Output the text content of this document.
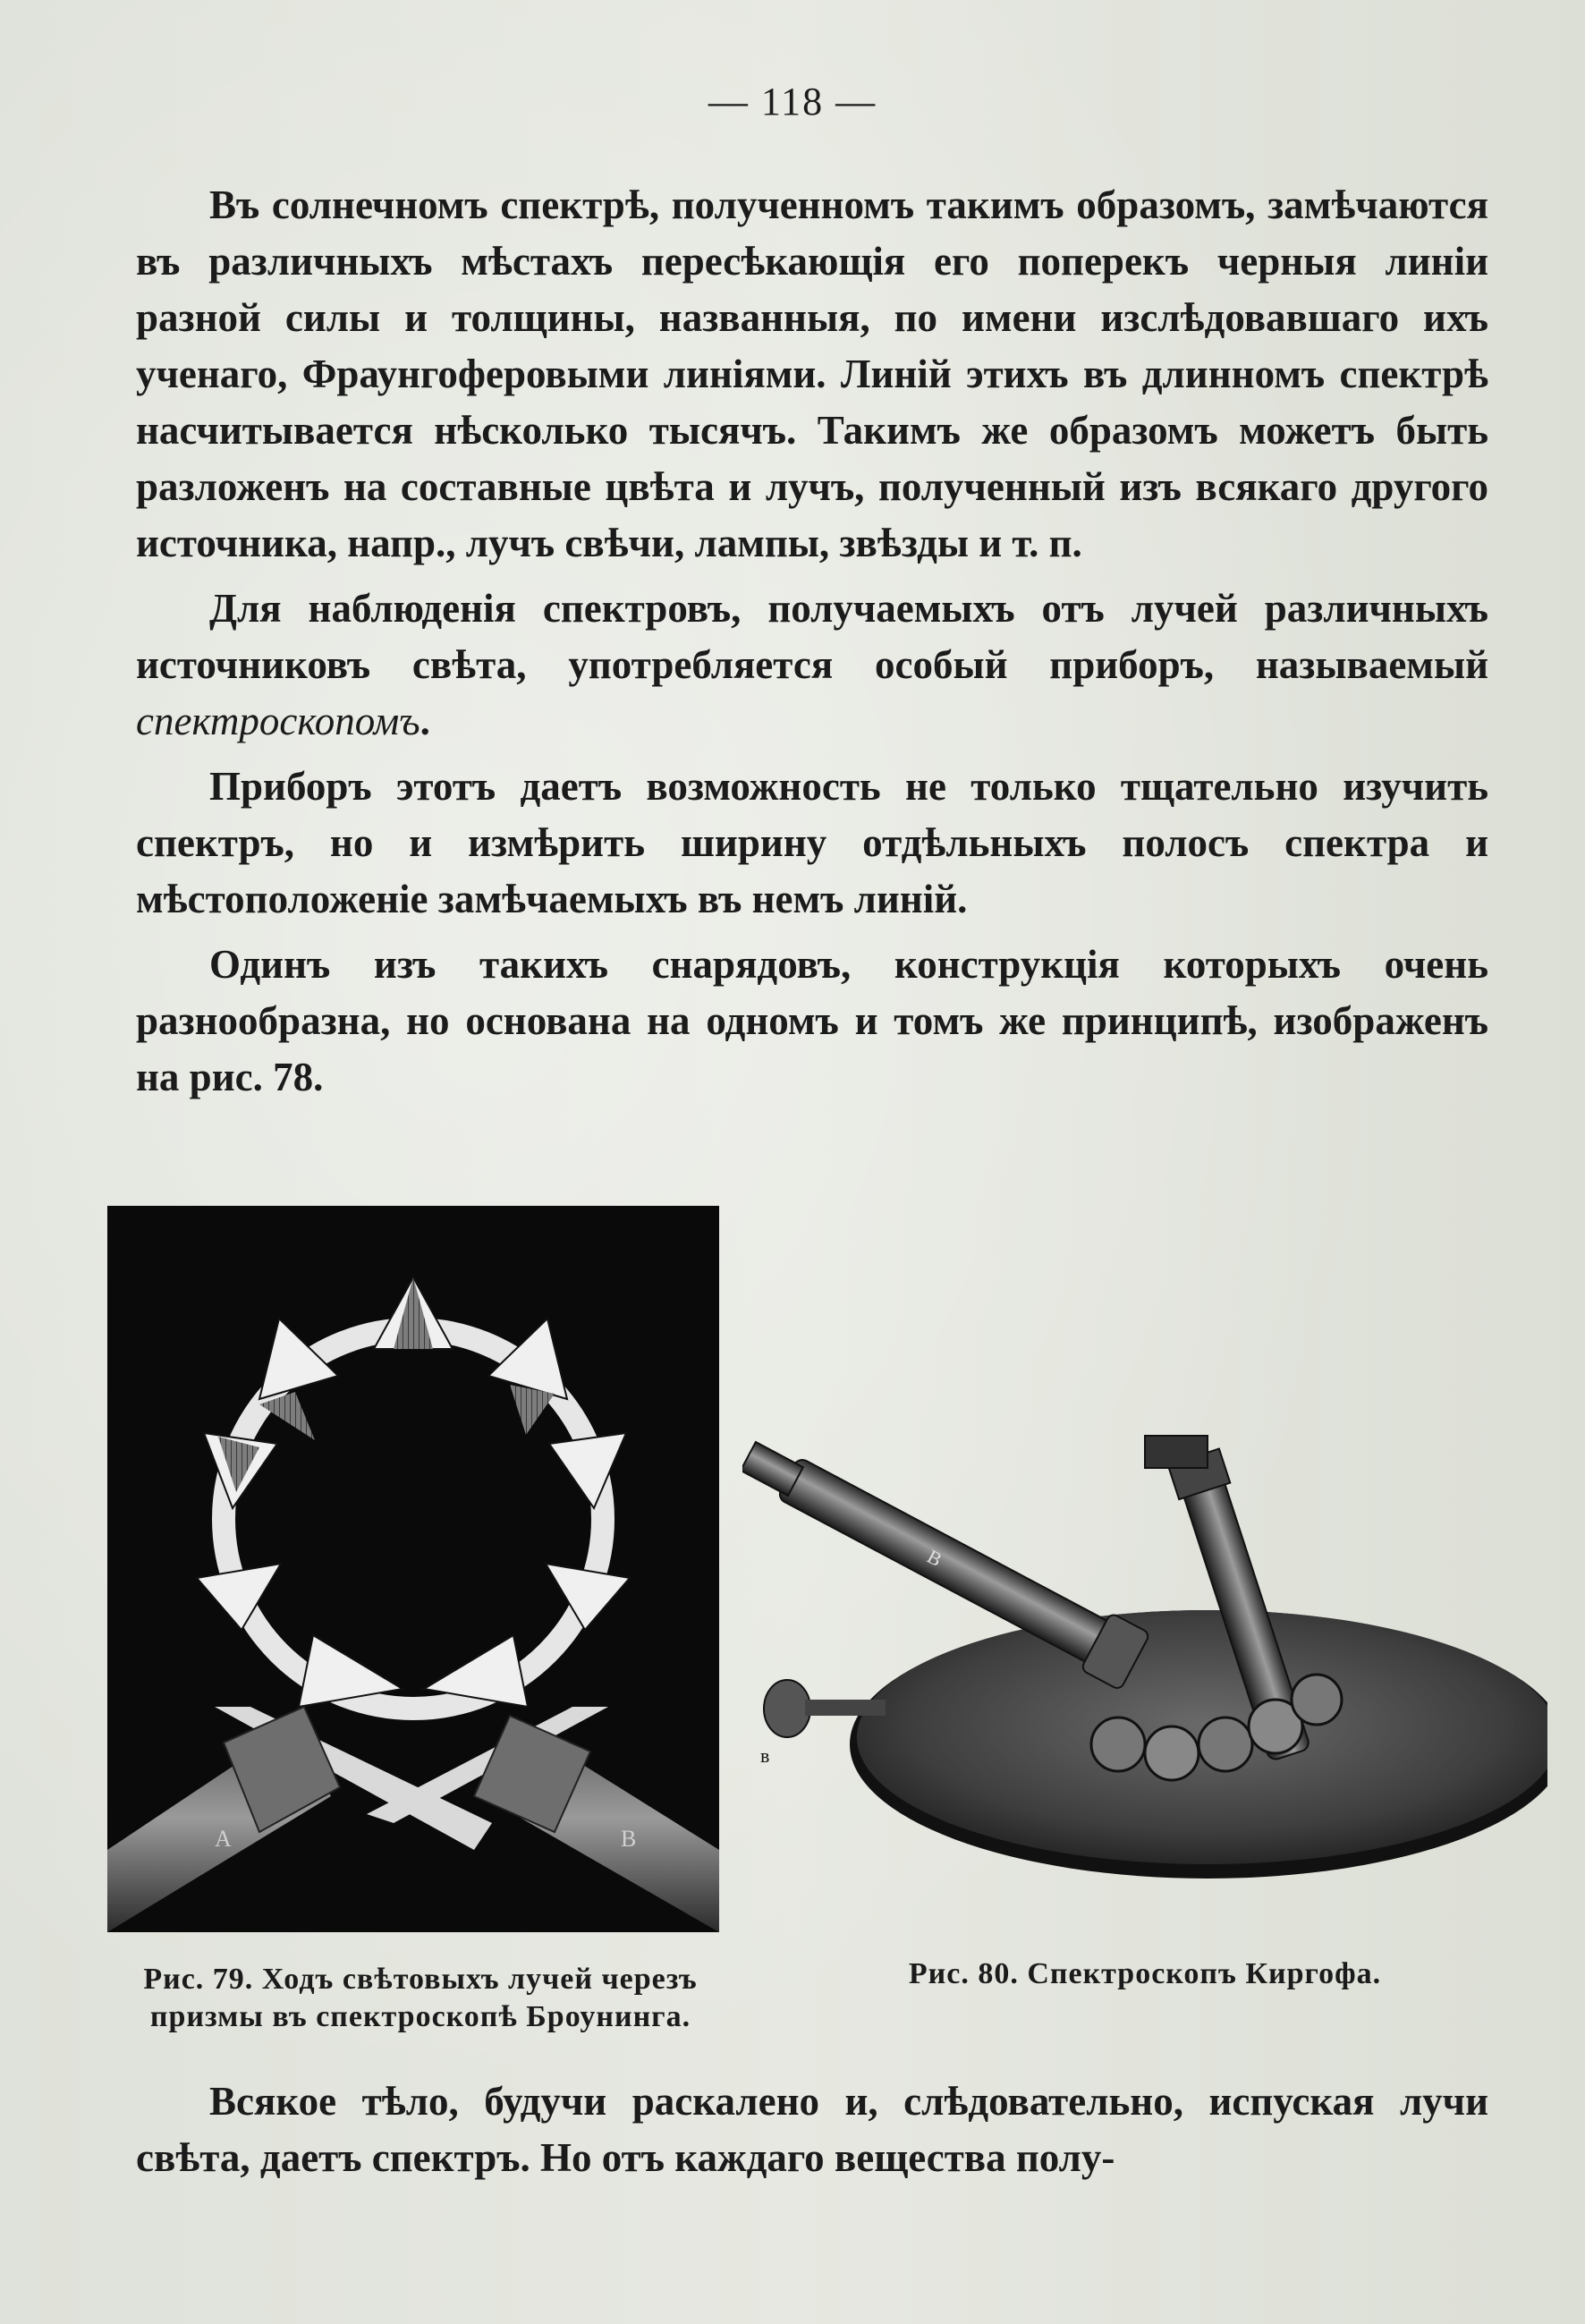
— 118 —

Въ солнечномъ спектрѣ, полученномъ такимъ образомъ, замѣчаются въ различныхъ мѣстахъ пересѣкающія его поперекъ черныя линіи разной силы и толщины, названныя, по имени изслѣдовавшаго ихъ ученаго, Фраунгоферовыми линіями. Линій этихъ въ длинномъ спектрѣ насчитывается нѣсколько тысячъ. Такимъ же образомъ можетъ быть разложенъ на составные цвѣта и лучъ, полученный изъ всякаго другого источника, напр., лучъ свѣчи, лампы, звѣзды и т. п.

Для наблюденія спектровъ, получаемыхъ отъ лучей различныхъ источниковъ свѣта, употребляется особый приборъ, называемый спектроскопомъ.

Приборъ этотъ даетъ возможность не только тщательно изучить спектръ, но и измѣрить ширину отдѣльныхъ полосъ спектра и мѣстоположеніе замѣчаемыхъ въ немъ линій.

Одинъ изъ такихъ снарядовъ, конструкція которыхъ очень разнообразна, но основана на одномъ и томъ же принципѣ, изображенъ на рис. 78.

A	B
B
в
Рис. 79. Ходъ свѣтовыхъ лучей черезъ призмы въ спектроскопѣ Броунинга.
Рис. 80. Спектроскопъ Киргофа.

Всякое тѣло, будучи раскалено и, слѣдовательно, испуская лучи свѣта, даетъ спектръ. Но отъ каждаго вещества полу-
